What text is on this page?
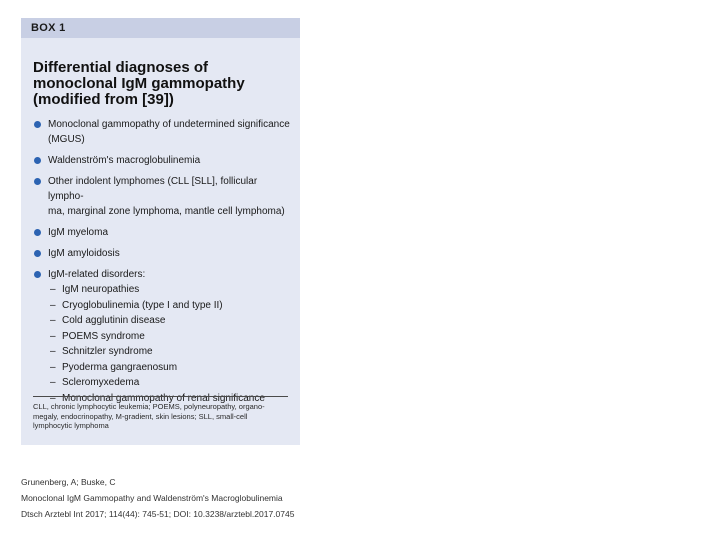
BOX 1
Differential diagnoses of
monoclonal IgM gammopathy
(modified from [39])
Monoclonal gammopathy of undetermined significance
(MGUS)
Waldenström's macroglobulinemia
Other indolent lymphomes (CLL [SLL], follicular lympho-
ma, marginal zone lymphoma, mantle cell lymphoma)
IgM myeloma
IgM amyloidosis
IgM-related disorders:
– IgM neuropathies
– Cryoglobulinemia (type I and type II)
– Cold agglutinin disease
– POEMS syndrome
– Schnitzler syndrome
– Pyoderma gangraenosum
– Scleromyxedema
– Monoclonal gammopathy of renal significance
CLL, chronic lymphocytic leukemia; POEMS, polyneuropathy, organo-
megaly, endocrinopathy, M-gradient, skin lesions; SLL, small-cell
lymphocytic lymphoma
Grunenberg, A; Buske, C
Monoclonal IgM Gammopathy and Waldenström's Macroglobulinemia
Dtsch Arztebl Int 2017; 114(44): 745-51; DOI: 10.3238/arztebl.2017.0745
